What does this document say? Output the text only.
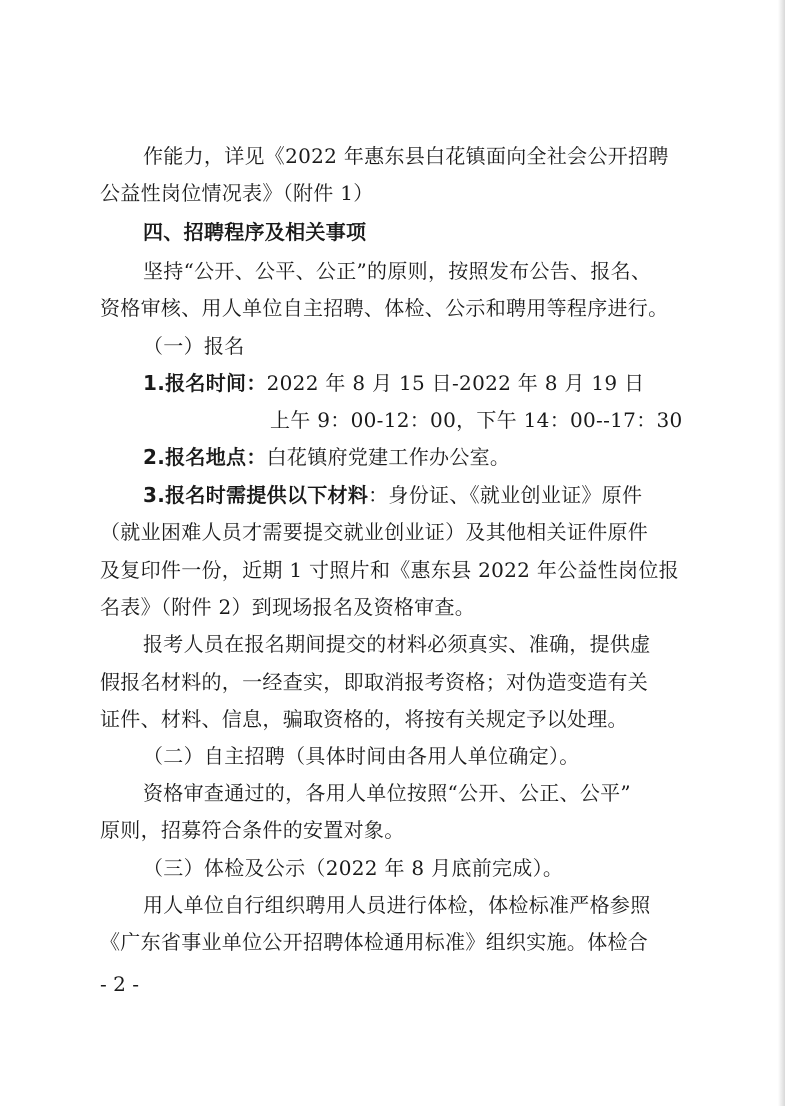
作能力，详见《2022 年惠东县白花镇面向全社会公开招聘
公益性岗位情况表》（附件 1）
四、招聘程序及相关事项
坚持“公开、公平、公正”的原则，按照发布公告、报名、
资格审核、用人单位自主招聘、体检、公示和聘用等程序进行。
（一）报名
1.报名时间：2022 年 8 月 15 日-2022 年 8 月 19 日
上午 9：00-12：00，下午 14：00--17：30
2.报名地点：白花镇府党建工作办公室。
3.报名时需提供以下材料：身份证、《就业创业证》原件
（就业困难人员才需要提交就业创业证）及其他相关证件原件
及复印件一份，近期 1 寸照片和《惠东县 2022 年公益性岗位报
名表》（附件 2）到现场报名及资格审查。
报考人员在报名期间提交的材料必须真实、准确，提供虚
假报名材料的，一经查实，即取消报考资格；对伪造变造有关
证件、材料、信息，骗取资格的，将按有关规定予以处理。
（二）自主招聘（具体时间由各用人单位确定）。
资格审查通过的，各用人单位按照“公开、公正、公平”
原则，招募符合条件的安置对象。
（三）体检及公示（2022 年 8 月底前完成）。
用人单位自行组织聘用人员进行体检，体检标准严格参照
《广东省事业单位公开招聘体检通用标准》组织实施。体检合
- 2 -
